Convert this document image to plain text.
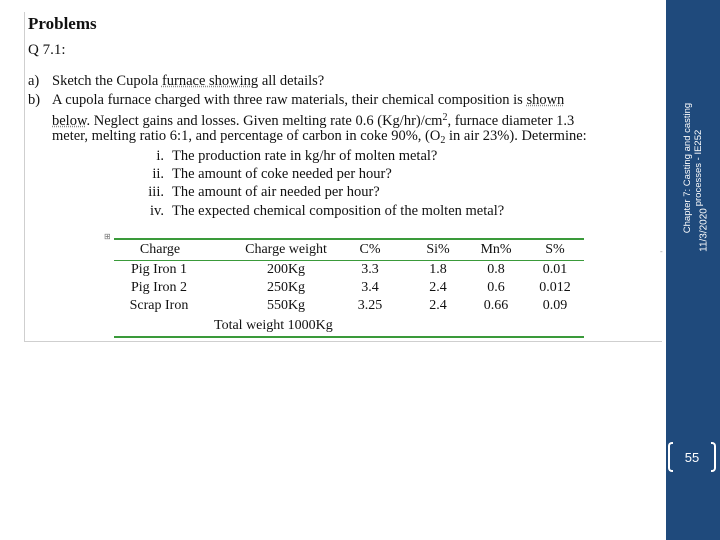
Chapter 7: Casting and casting processes - IE252
11/3/2020
55
Problems
Q 7.1:
a) Sketch the Cupola furnace showing all details?
b) A cupola furnace charged with three raw materials, their chemical composition is shown
below. Neglect gains and losses. Given melting rate 0.6 $(Kg/hr)/cm^2$, furnace diameter 1.3
meter, melting ratio 6:1, and percentage of carbon in coke 90%, ($O_2$ in air 23%). Determine:
i. The production rate in kg/hr of molten metal?
ii. The amount of coke needed per hour?
iii. The amount of air needed per hour?
iv. The expected chemical composition of the molten metal?
⊞
-
Charge	Charge weight	C%	Si%	Mn%	S%
Pig Iron 1	200Kg	3.3	1.8	0.8	0.01
Pig Iron 2	250Kg	3.4	2.4	0.6	0.012
Scrap Iron	550Kg	3.25	2.4	0.66	0.09
Total weight 1000Kg
